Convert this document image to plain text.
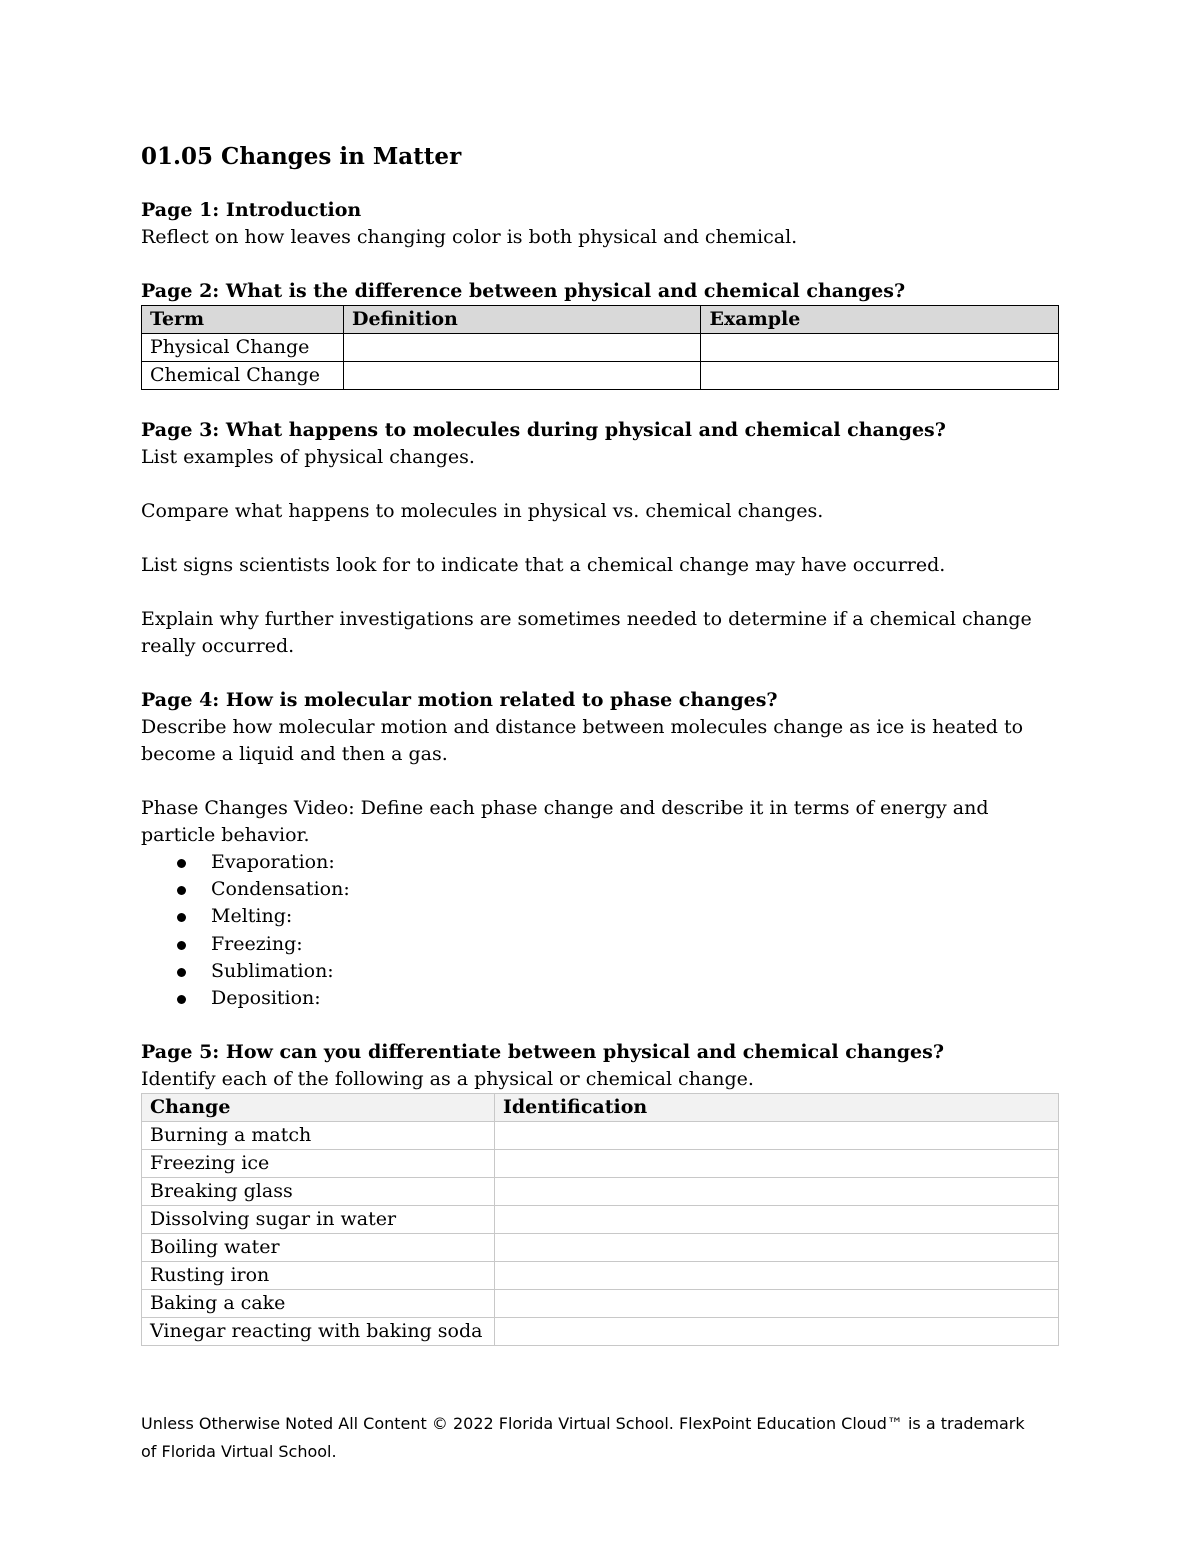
01.05 Changes in Matter
Page 1: Introduction

Reflect on how leaves changing color is both physical and chemical.

Page 2: What is the difference between physical and chemical changes?
Term	Definition	Example
Physical Change		
Chemical Change		
Page 3: What happens to molecules during physical and chemical changes?

List examples of physical changes.

Compare what happens to molecules in physical vs. chemical changes.

List signs scientists look for to indicate that a chemical change may have occurred.

Explain why further investigations are sometimes needed to determine if a chemical change really occurred.

Page 4: How is molecular motion related to phase changes?

Describe how molecular motion and distance between molecules change as ice is heated to become a liquid and then a gas.

Phase Changes Video: Define each phase change and describe it in terms of energy and particle behavior.

Evaporation:
Condensation:
Melting:
Freezing:
Sublimation:
Deposition:
Page 5: How can you differentiate between physical and chemical changes?

Identify each of the following as a physical or chemical change.

Change	Identification
Burning a match	
Freezing ice	
Breaking glass	
Dissolving sugar in water	
Boiling water	
Rusting iron	
Baking a cake	
Vinegar reacting with baking soda	
Unless Otherwise Noted All Content © 2022 Florida Virtual School. FlexPoint Education Cloud™ is a trademark of Florida Virtual School.
